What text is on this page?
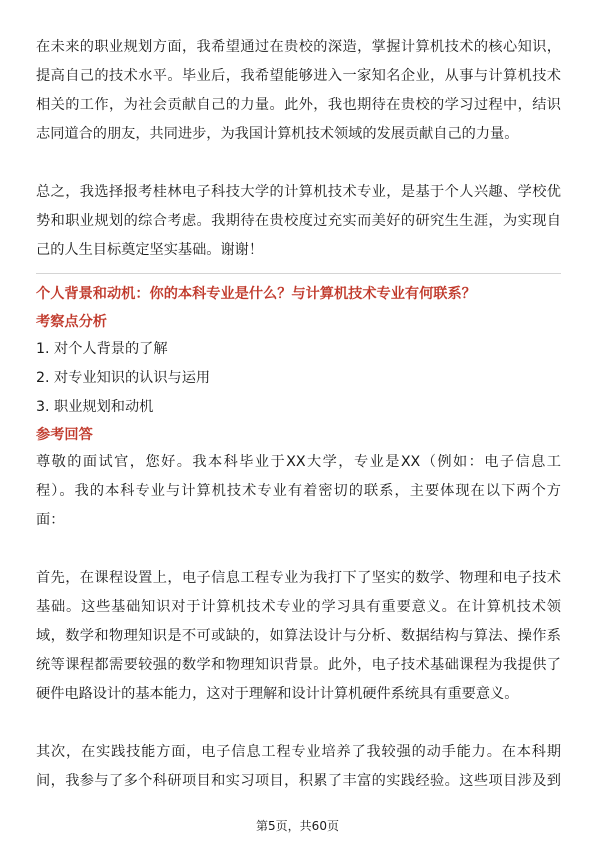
在未来的职业规划方面，我希望通过在贵校的深造，掌握计算机技术的核心知识，
提高自己的技术水平。毕业后，我希望能够进入一家知名企业，从事与计算机技术
相关的工作，为社会贡献自己的力量。此外，我也期待在贵校的学习过程中，结识
志同道合的朋友，共同进步，为我国计算机技术领域的发展贡献自己的力量。

总之，我选择报考桂林电子科技大学的计算机技术专业，是基于个人兴趣、学校优
势和职业规划的综合考虑。我期待在贵校度过充实而美好的研究生生涯，为实现自
己的人生目标奠定坚实基础。谢谢！

个人背景和动机：你的本科专业是什么？与计算机技术专业有何联系？

考察点分析

1. 对个人背景的了解

2. 对专业知识的认识与运用

3. 职业规划和动机

参考回答

尊敬的面试官，您好。我本科毕业于XX大学，专业是XX（例如：电子信息工
程）。我的本科专业与计算机技术专业有着密切的联系，主要体现在以下两个方
面：

首先，在课程设置上，电子信息工程专业为我打下了坚实的数学、物理和电子技术
基础。这些基础知识对于计算机技术专业的学习具有重要意义。在计算机技术领
域，数学和物理知识是不可或缺的，如算法设计与分析、数据结构与算法、操作系
统等课程都需要较强的数学和物理知识背景。此外，电子技术基础课程为我提供了
硬件电路设计的基本能力，这对于理解和设计计算机硬件系统具有重要意义。

其次，在实践技能方面，电子信息工程专业培养了我较强的动手能力。在本科期
间，我参与了多个科研项目和实习项目，积累了丰富的实践经验。这些项目涉及到

第5页，共60页
